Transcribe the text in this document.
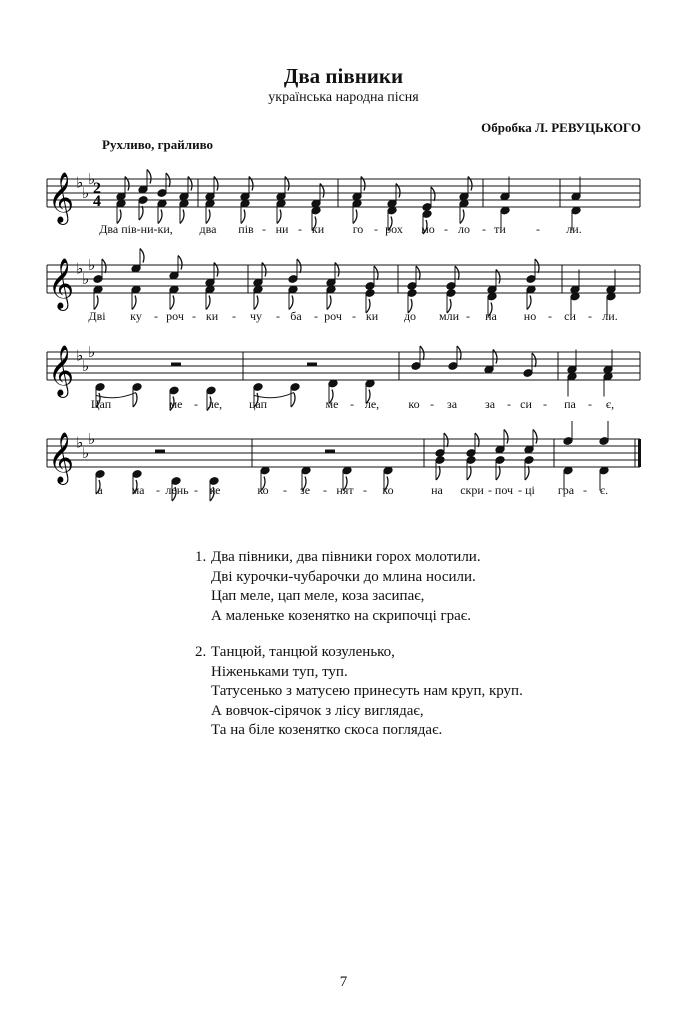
Два півники
українська народна пісня
Обробка Л. РЕВУЦЬКОГО
Рухливо, грайливо
𝄞 ♭
♭
♭
𝄞 ♭
♭
♭
𝄞 ♭
♭
♭
𝄞 ♭
♭
♭
2
4
Два пів-ни-ки, два пів - ни - ки го - рох мо - ло - ти	- ли.
Дві ку - роч - ки - чу - ба - роч - ки до мли - на но - си - ли.
Цап	ме - ле, цап	ме - ле, ко - за за - си - па - є,
а ма - лень - ке	ко - зе - нят - ко	на скри - поч - ці гра - є.
1. Два півники, два півники горох молотили.
Дві курочки-чубарочки до млина носили.
Цап меле, цап меле, коза засипає,
А маленьке козенятко на скрипочці грає.
2. Танцюй, танцюй козуленько,
Ніженьками туп, туп.
Татусенько з матусею принесуть нам круп, круп.
А вовчок-сірячок з лісу виглядає,
Та на біле козенятко скоса поглядає.
7
